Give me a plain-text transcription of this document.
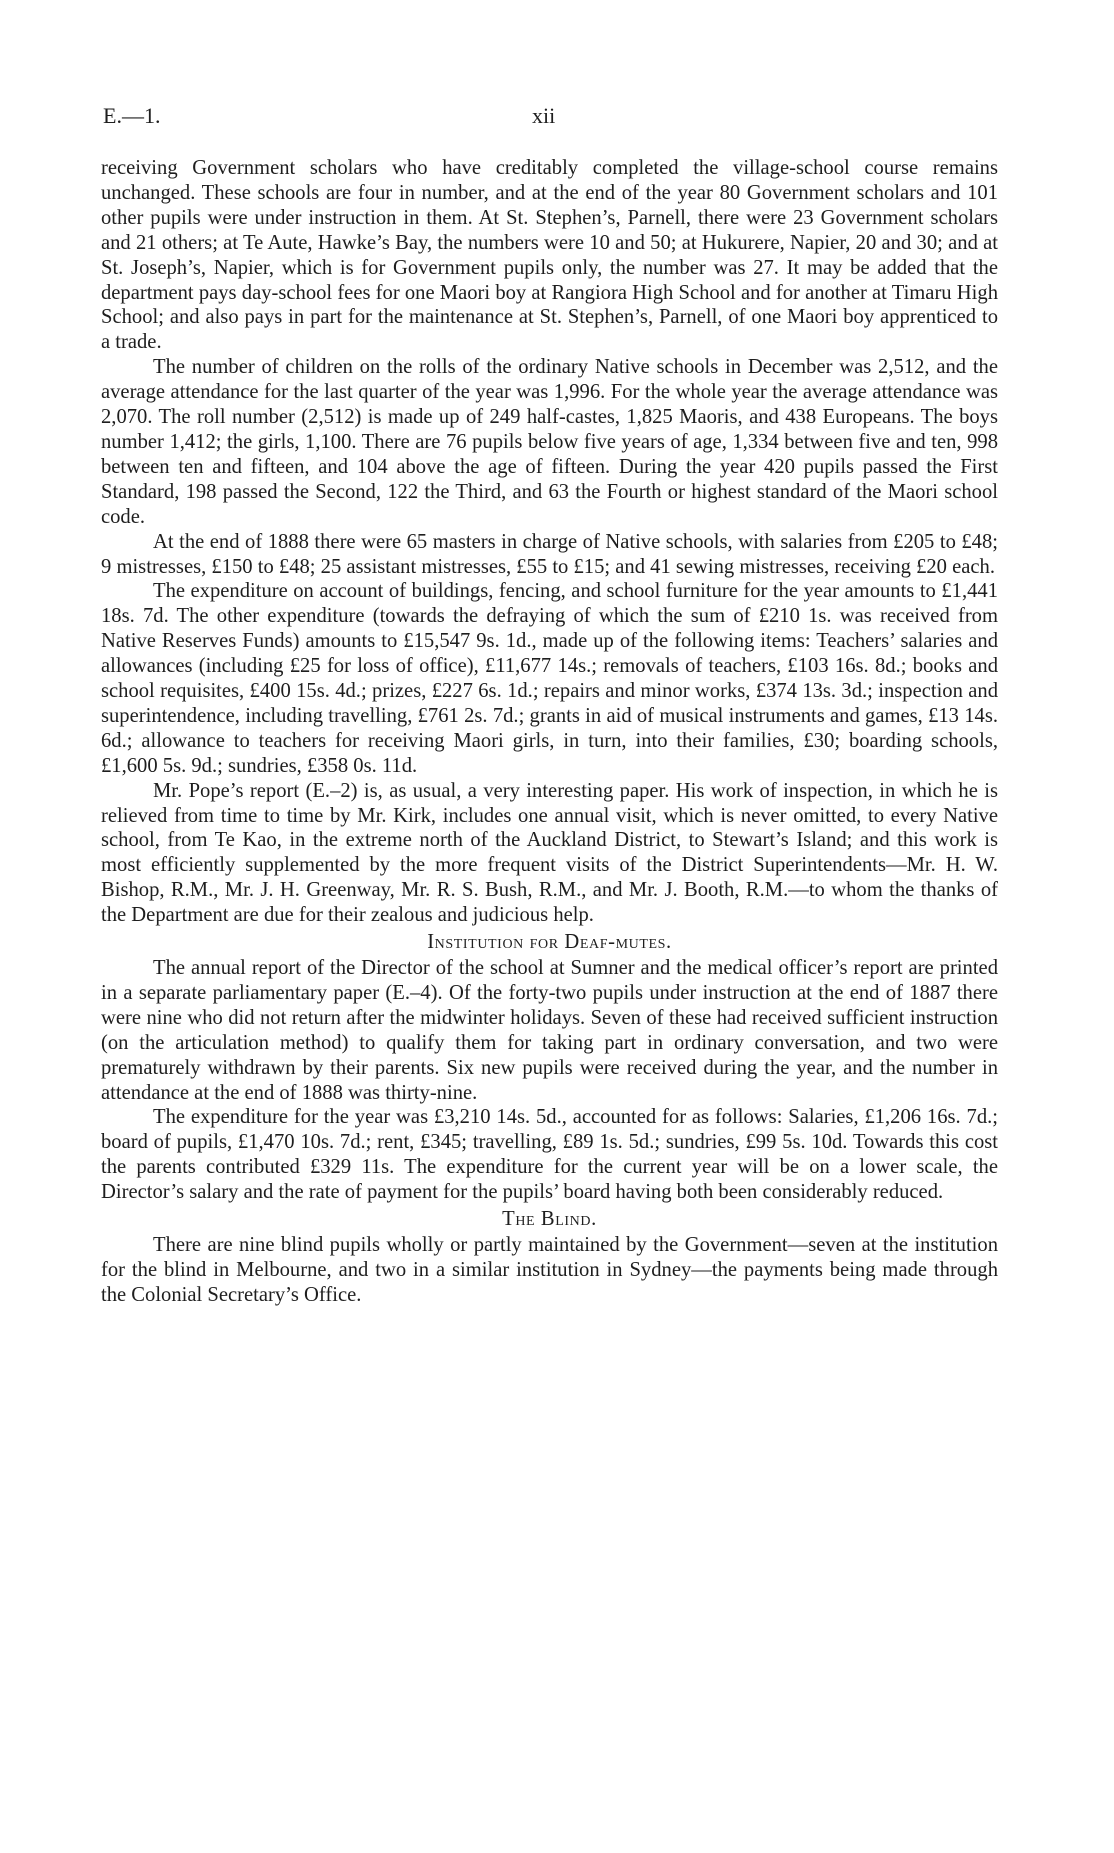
E.—1.	xii

receiving Government scholars who have creditably completed the village-school course remains unchanged. These schools are four in number, and at the end of the year 80 Government scholars and 101 other pupils were under instruction in them. At St. Stephen’s, Parnell, there were 23 Government scholars and 21 others; at Te Aute, Hawke’s Bay, the numbers were 10 and 50; at Hukurere, Napier, 20 and 30; and at St. Joseph’s, Napier, which is for Government pupils only, the number was 27. It may be added that the department pays day-school fees for one Maori boy at Rangiora High School and for another at Timaru High School; and also pays in part for the maintenance at St. Stephen’s, Parnell, of one Maori boy apprenticed to a trade.

The number of children on the rolls of the ordinary Native schools in December was 2,512, and the average attendance for the last quarter of the year was 1,996. For the whole year the average attendance was 2,070. The roll number (2,512) is made up of 249 half-castes, 1,825 Maoris, and 438 Europeans. The boys number 1,412; the girls, 1,100. There are 76 pupils below five years of age, 1,334 between five and ten, 998 between ten and fifteen, and 104 above the age of fifteen. During the year 420 pupils passed the First Standard, 198 passed the Second, 122 the Third, and 63 the Fourth or highest standard of the Maori school code.

At the end of 1888 there were 65 masters in charge of Native schools, with salaries from £205 to £48; 9 mistresses, £150 to £48; 25 assistant mistresses, £55 to £15; and 41 sewing mistresses, receiving £20 each.

The expenditure on account of buildings, fencing, and school furniture for the year amounts to £1,441 18s. 7d. The other expenditure (towards the defraying of which the sum of £210 1s. was received from Native Reserves Funds) amounts to £15,547 9s. 1d., made up of the following items: Teachers’ salaries and allowances (including £25 for loss of office), £11,677 14s.; removals of teachers, £103 16s. 8d.; books and school requisites, £400 15s. 4d.; prizes, £227 6s. 1d.; repairs and minor works, £374 13s. 3d.; inspection and superintendence, including travelling, £761 2s. 7d.; grants in aid of musical instruments and games, £13 14s. 6d.; allowance to teachers for receiving Maori girls, in turn, into their families, £30; boarding schools, £1,600 5s. 9d.; sundries, £358 0s. 11d.

Mr. Pope’s report (E.–2) is, as usual, a very interesting paper. His work of inspection, in which he is relieved from time to time by Mr. Kirk, includes one annual visit, which is never omitted, to every Native school, from Te Kao, in the extreme north of the Auckland District, to Stewart’s Island; and this work is most efficiently supplemented by the more frequent visits of the District Superintendents—Mr. H. W. Bishop, R.M., Mr. J. H. Greenway, Mr. R. S. Bush, R.M., and Mr. J. Booth, R.M.—to whom the thanks of the Department are due for their zealous and judicious help.

Institution for Deaf-mutes.

The annual report of the Director of the school at Sumner and the medical officer’s report are printed in a separate parliamentary paper (E.–4). Of the forty-two pupils under instruction at the end of 1887 there were nine who did not return after the midwinter holidays. Seven of these had received sufficient instruction (on the articulation method) to qualify them for taking part in ordinary conversation, and two were prematurely withdrawn by their parents. Six new pupils were received during the year, and the number in attendance at the end of 1888 was thirty-nine.

The expenditure for the year was £3,210 14s. 5d., accounted for as follows: Salaries, £1,206 16s. 7d.; board of pupils, £1,470 10s. 7d.; rent, £345; travelling, £89 1s. 5d.; sundries, £99 5s. 10d. Towards this cost the parents contributed £329 11s. The expenditure for the current year will be on a lower scale, the Director’s salary and the rate of payment for the pupils’ board having both been considerably reduced.

The Blind.

There are nine blind pupils wholly or partly maintained by the Government—seven at the institution for the blind in Melbourne, and two in a similar institution in Sydney—the payments being made through the Colonial Secretary’s Office.
